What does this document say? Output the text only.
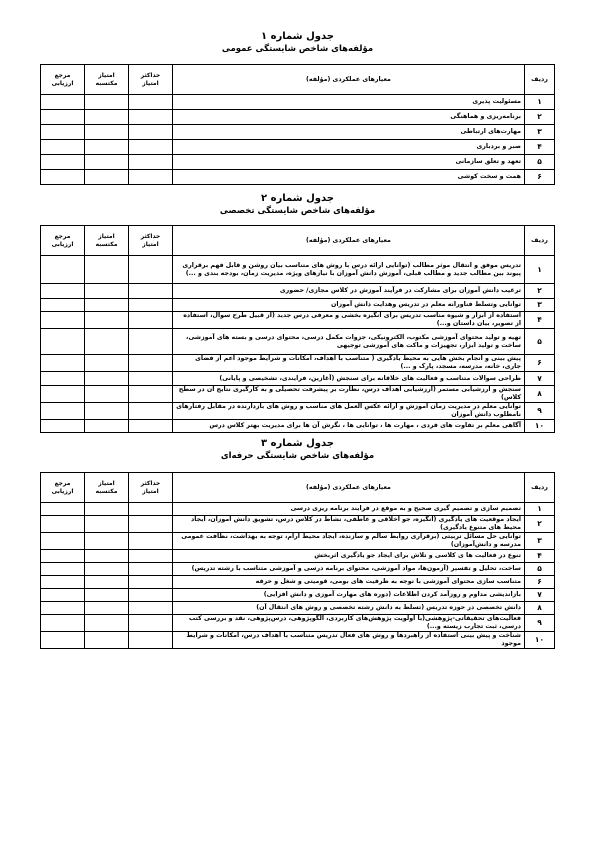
جدول شماره ۱
مؤلفه‌های شاخص شایستگی عمومی
ردیف	معیارهای عملکردی (مؤلفه)	حداکثر امتیاز	امتیاز مکتسبه	مرجع ارزیابی
۱	مسئولیت پذیری			
۲	برنامه‌ریزی و هماهنگی			
۳	مهارت‌های ارتباطی			
۴	صبر و بردباری			
۵	تعهد و تعلق سازمانی			
۶	همت و سخت کوشی			
جدول شماره ۲
مؤلفه‌های شاخص شایستگی تخصصی
ردیف	معیارهای عملکردی (مؤلفه)	حداکثر امتیاز	امتیاز مکتسبه	مرجع ارزیابی
۱	تدریس موفق و انتقال موثر مطالب (توانایی ارائه درس با روش های متناسب بیان روشن و قابل فهم برقراری پیوند بین مطالب جدید و مطالب قبلی، آموزش دانش آموزان با نیازهای ویژه، مدیریت زمان، بودجه بندی و ...)			
۲	ترغیب دانش آموزان برای مشارکت در فرآیند آموزش در کلاس مجازی/ حضوری			
۳	توانایی وتسلط فناورانه معلم در تدریس وهدایت دانش آموزان			
۴	استفاده از ابزار و شیوه مناسب تدریس برای انگیزه بخشی و معرفی درس جدید (از قبیل طرح سوال، استفاده از تصویر، بیان داستان و...)			
۵	تهیه و تولید محتوای آموزشی مکتوب، الکترونیکی، جزوات مکمل درسی، محتوای درسی و بسته های آموزشی، ساخت و تولید ابزار، تجهیزات و ماکت های آموزشی توجیهی			
۶	پیش بینی و انجام بخش هایی به محیط یادگیری ( متناسب با اهداف، امکانات و شرایط موجود اعم از فضای جاری، خانه، مدرسه، مسجد، پارک و ...)			
۷	طراحی سوالات متناسب و فعالیت های خلاقانه برای سنجش (آغازین، فرایندی، تشخیصی و پایانی)			
۸	سنجش و ارزشیابی مستمر (ارزشیابی اهداف درس، نظارت بر پیشرفت تحصیلی و به کارگیری نتایج آن در سطح کلاس)			
۹	توانایی معلم در مدیریت زمان آموزش و ارائه عکس العمل های مناسب و روش های بازدارنده در مقابل رفتارهای نامطلوب دانش آموزان			
۱۰	آگاهی معلم بر تفاوت های فردی ، مهارت ها ، توانایی ها ، نگرش آن ها برای مدیریت بهتر کلاس درس			
جدول شماره ۳
مؤلفه‌های شاخص شایستگی حرفه‌ای
ردیف	معیارهای عملکردی (مؤلفه)	حداکثر امتیاز	امتیاز مکتسبه	مرجع ارزیابی
۱	تصمیم سازی و تصمیم گیری صحیح و به موقع در فرایند برنامه ریزی درسی			
۲	ایجاد موقعیت های یادگیری (انگیزه، جو اخلاقی و عاطفی، نشاط در کلاس درس، تشویق دانش آموزان، ایجاد محیط های متنوع یادگیری)			
۳	توانایی حل مسائل تربیتی (برقراری روابط سالم و سازنده، ایجاد محیط آرام، توجه به بهداشت، نظافت عمومی مدرسه و دانش‌آموزان)			
۴	تنوع در فعالیت ها ی کلاسی و تلاش برای ایجاد جو یادگیری اثربخش			
۵	ساخت، تحلیل و تفسیر (آزمون‌ها، مواد آموزشی، محتوای برنامه درسی و آموزشی متناسب با رشته تدریس)			
۶	متناسب سازی محتوای آموزشی با توجه به ظرفیت های بومی، قومیتی و شغل و حرفه			
۷	بازاندیشی مداوم و روزآمد کردن اطلاعات (دوره های مهارت آموزی و دانش افزایی)			
۸	دانش تخصصی در حوزه تدریس (تسلط به دانش رشته تخصصی و روش های انتقال آن)			
۹	فعالیت‌های تحقیقاتی-پژوهشی(با اولویت پژوهش‌های کاربردی، الگوپژوهی، درس‌پژوهی، نقد و بررسی کتب درسی، ثبت تجارب زیسته و...)			
۱۰	شناخت و پیش بینی استفاده از راهبردها و روش های فعال تدریس متناسب با اهداف درس، امکانات و شرایط موجود			
